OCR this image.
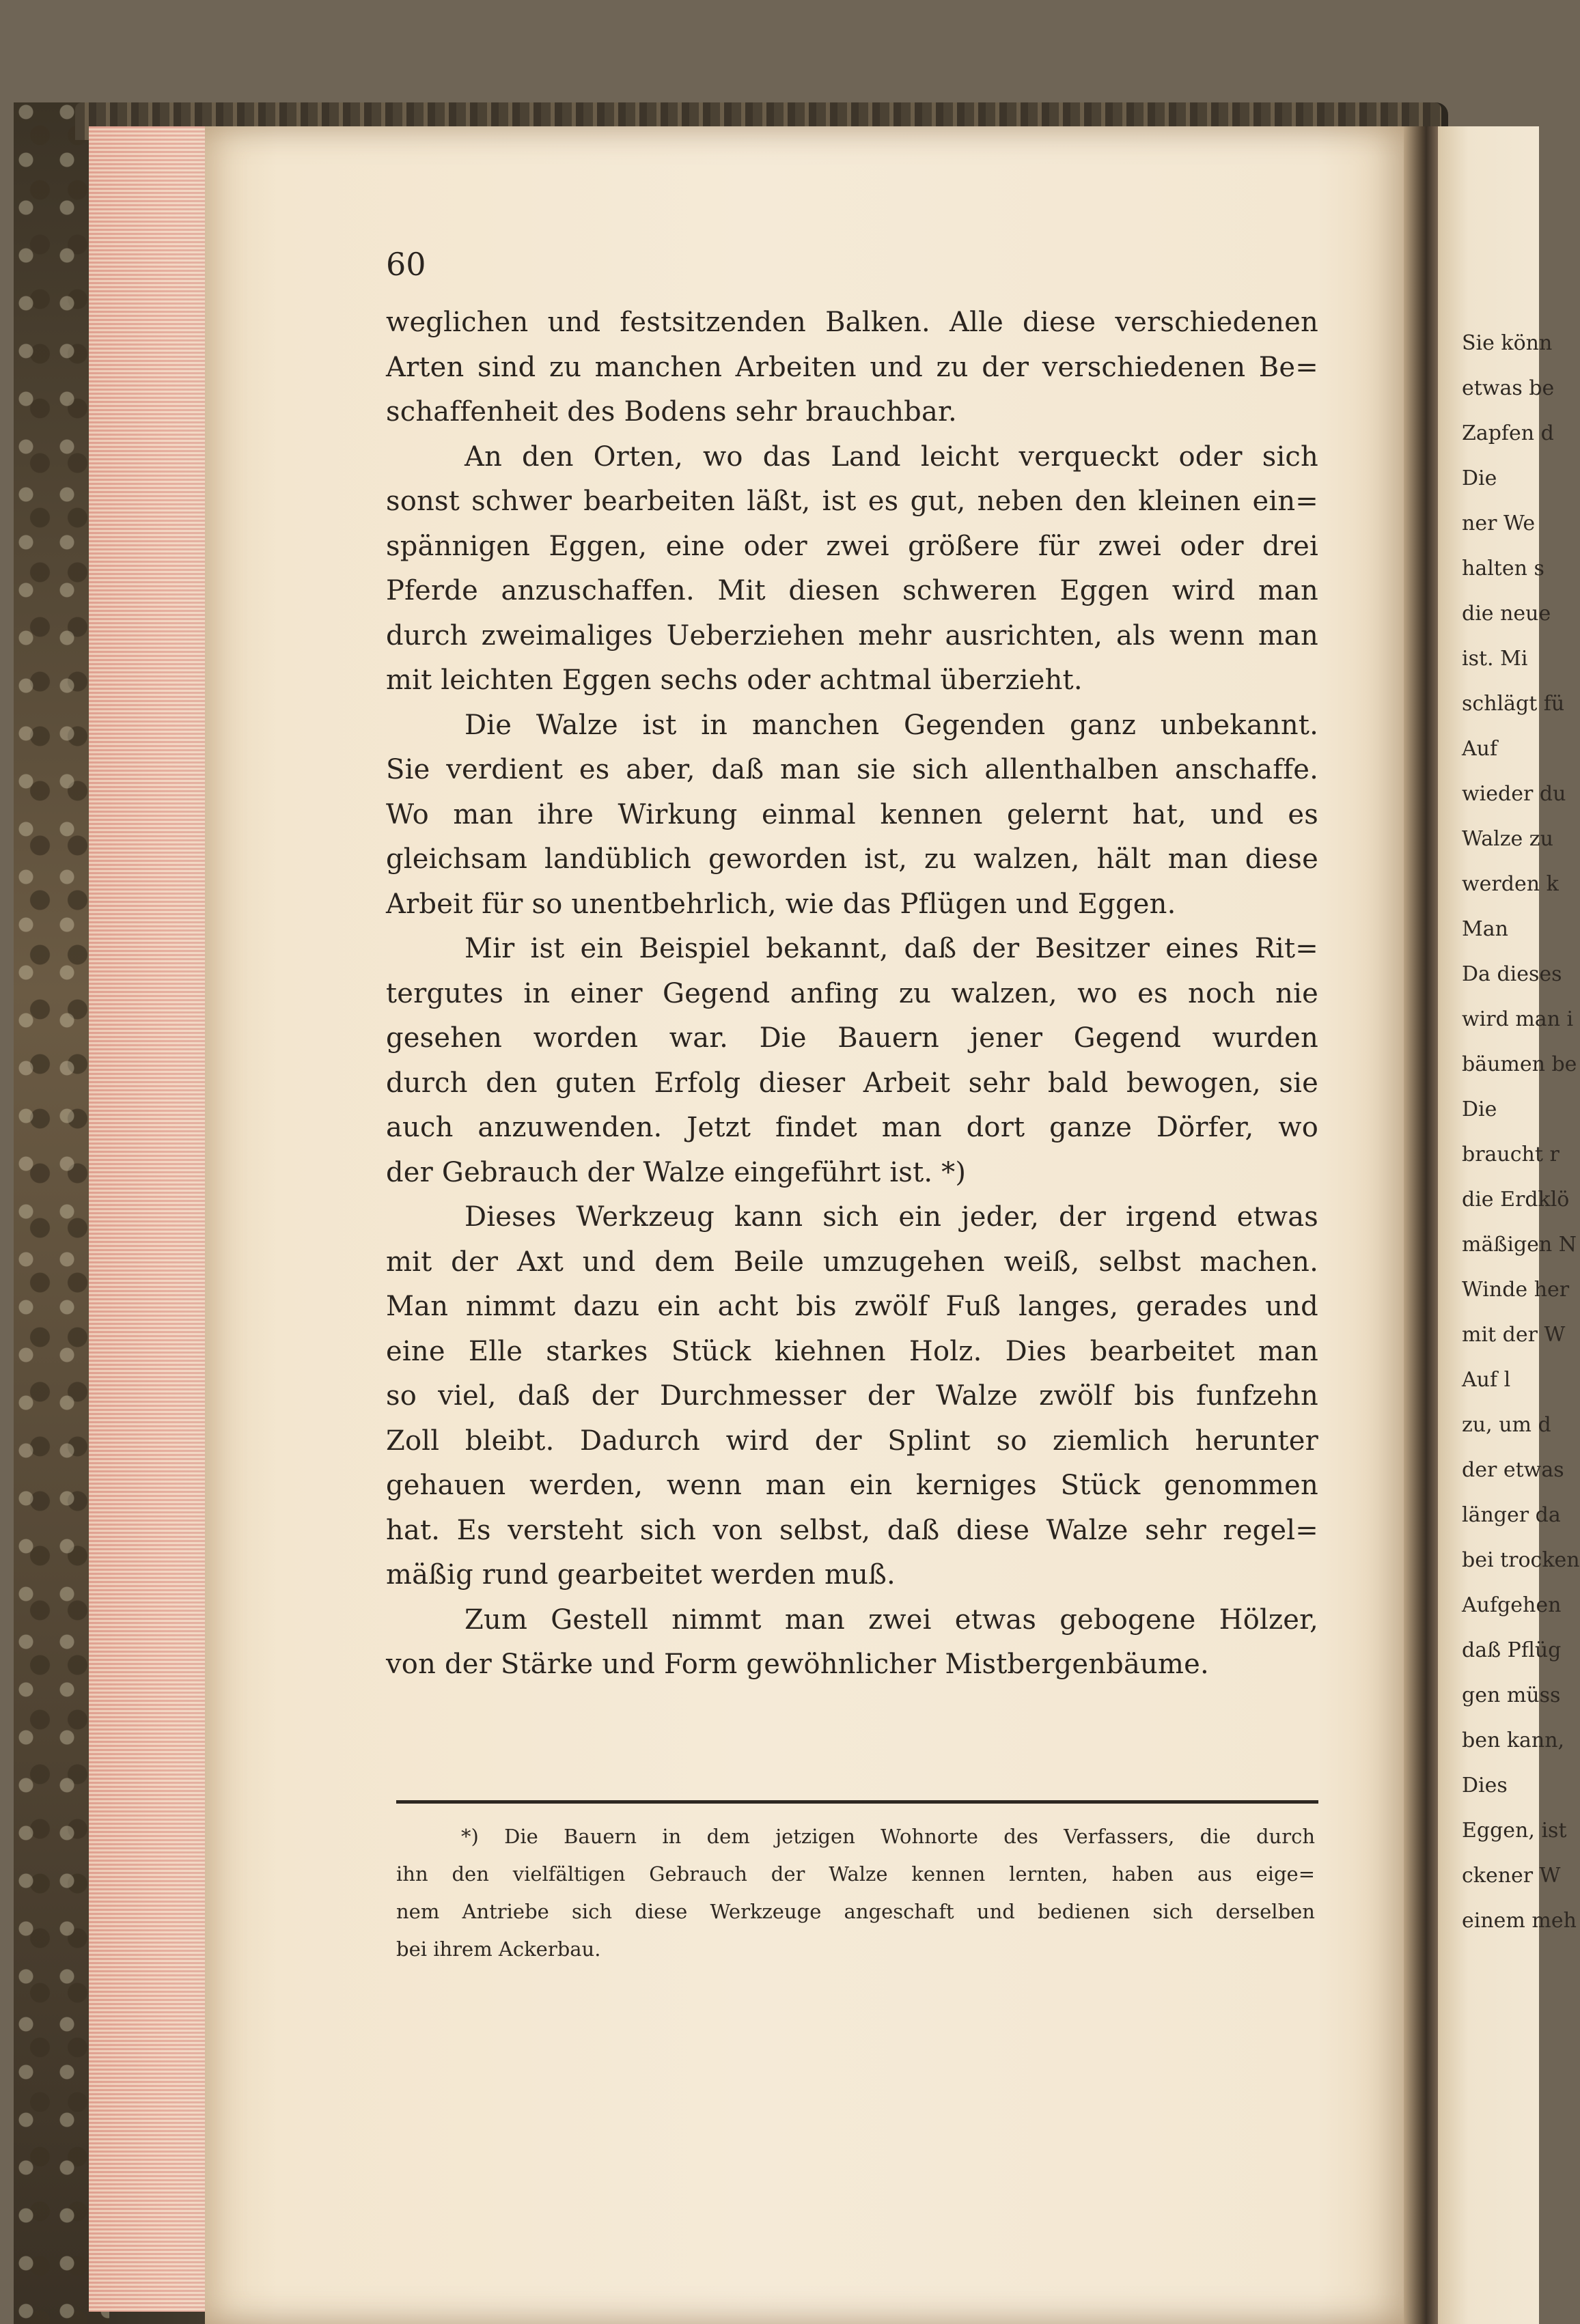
60
weglichen und festsitzenden Balken. Alle diese verschiedenen
Arten sind zu manchen Arbeiten und zu der verschiedenen Be=
schaffenheit des Bodens sehr brauchbar.
An den Orten, wo das Land leicht verqueckt oder sich
sonst schwer bearbeiten läßt, ist es gut, neben den kleinen ein=
spännigen Eggen, eine oder zwei größere für zwei oder drei
Pferde anzuschaffen. Mit diesen schweren Eggen wird man
durch zweimaliges Ueberziehen mehr ausrichten, als wenn man
mit leichten Eggen sechs oder achtmal überzieht.
Die Walze ist in manchen Gegenden ganz unbekannt.
Sie verdient es aber, daß man sie sich allenthalben anschaffe.
Wo man ihre Wirkung einmal kennen gelernt hat, und es
gleichsam landüblich geworden ist, zu walzen, hält man diese
Arbeit für so unentbehrlich, wie das Pflügen und Eggen.
Mir ist ein Beispiel bekannt, daß der Besitzer eines Rit=
tergutes in einer Gegend anfing zu walzen, wo es noch nie
gesehen worden war. Die Bauern jener Gegend wurden
durch den guten Erfolg dieser Arbeit sehr bald bewogen, sie
auch anzuwenden. Jetzt findet man dort ganze Dörfer, wo
der Gebrauch der Walze eingeführt ist. *)
Dieses Werkzeug kann sich ein jeder, der irgend etwas
mit der Axt und dem Beile umzugehen weiß, selbst machen.
Man nimmt dazu ein acht bis zwölf Fuß langes, gerades und
eine Elle starkes Stück kiehnen Holz. Dies bearbeitet man
so viel, daß der Durchmesser der Walze zwölf bis funfzehn
Zoll bleibt. Dadurch wird der Splint so ziemlich herunter
gehauen werden, wenn man ein kerniges Stück genommen
hat. Es versteht sich von selbst, daß diese Walze sehr regel=
mäßig rund gearbeitet werden muß.
Zum Gestell nimmt man zwei etwas gebogene Hölzer,
von der Stärke und Form gewöhnlicher Mistbergenbäume.
*) Die Bauern in dem jetzigen Wohnorte des Verfassers, die durch
ihn den vielfältigen Gebrauch der Walze kennen lernten, haben aus eige=
nem Antriebe sich diese Werkzeuge angeschaft und bedienen sich derselben
bei ihrem Ackerbau.
Sie könn
etwas be
Zapfen d
Die
ner We
halten s
die neue
ist. Mi
schlägt fü
Auf
wieder du
Walze zu
werden k
Man
Da dieses
wird man i
bäumen be
Die
braucht r
die Erdklö
mäßigen N
Winde her
mit der W
Auf l
zu, um d
der etwas
länger da
bei trocken
Aufgehen
daß Pflüg
gen müss
ben kann,
Dies
Eggen, ist
ckener W
einem meh
